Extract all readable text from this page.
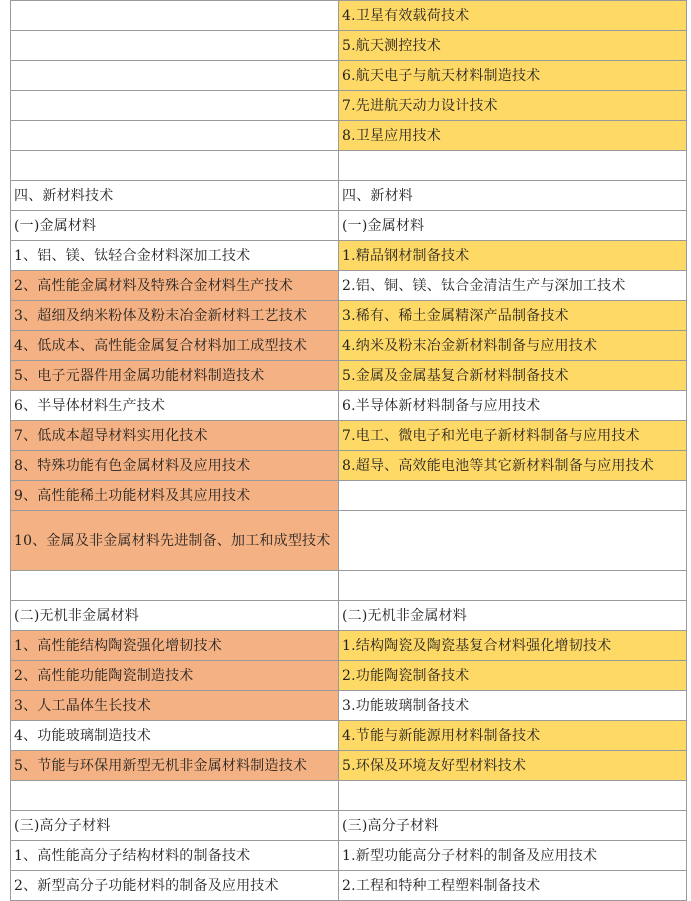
	4.卫星有效载荷技术
	5.航天测控技术
	6.航天电子与航天材料制造技术
	7.先进航天动力设计技术
	8.卫星应用技术

四、新材料技术	四、新材料
(一)金属材料	(一)金属材料
1、铝、镁、钛轻合金材料深加工技术	1.精品钢材制备技术
2、高性能金属材料及特殊合金材料生产技术	2.铝、铜、镁、钛合金清洁生产与深加工技术
3、超细及纳米粉体及粉末冶金新材料工艺技术	3.稀有、稀土金属精深产品制备技术
4、低成本、高性能金属复合材料加工成型技术	4.纳米及粉末冶金新材料制备与应用技术
5、电子元器件用金属功能材料制造技术	5.金属及金属基复合新材料制备技术
6、半导体材料生产技术	6.半导体新材料制备与应用技术
7、低成本超导材料实用化技术	7.电工、微电子和光电子新材料制备与应用技术
8、特殊功能有色金属材料及应用技术	8.超导、高效能电池等其它新材料制备与应用技术
9、高性能稀土功能材料及其应用技术	
10、金属及非金属材料先进制备、加工和成型技术	

(二)无机非金属材料	(二)无机非金属材料
1、高性能结构陶瓷强化增韧技术	1.结构陶瓷及陶瓷基复合材料强化增韧技术
2、高性能功能陶瓷制造技术	2.功能陶瓷制备技术
3、人工晶体生长技术	3.功能玻璃制备技术
4、功能玻璃制造技术	4.节能与新能源用材料制备技术
5、节能与环保用新型无机非金属材料制造技术	5.环保及环境友好型材料技术

(三)高分子材料	(三)高分子材料
1、高性能高分子结构材料的制备技术	1.新型功能高分子材料的制备及应用技术
2、新型高分子功能材料的制备及应用技术	2.工程和特种工程塑料制备技术
